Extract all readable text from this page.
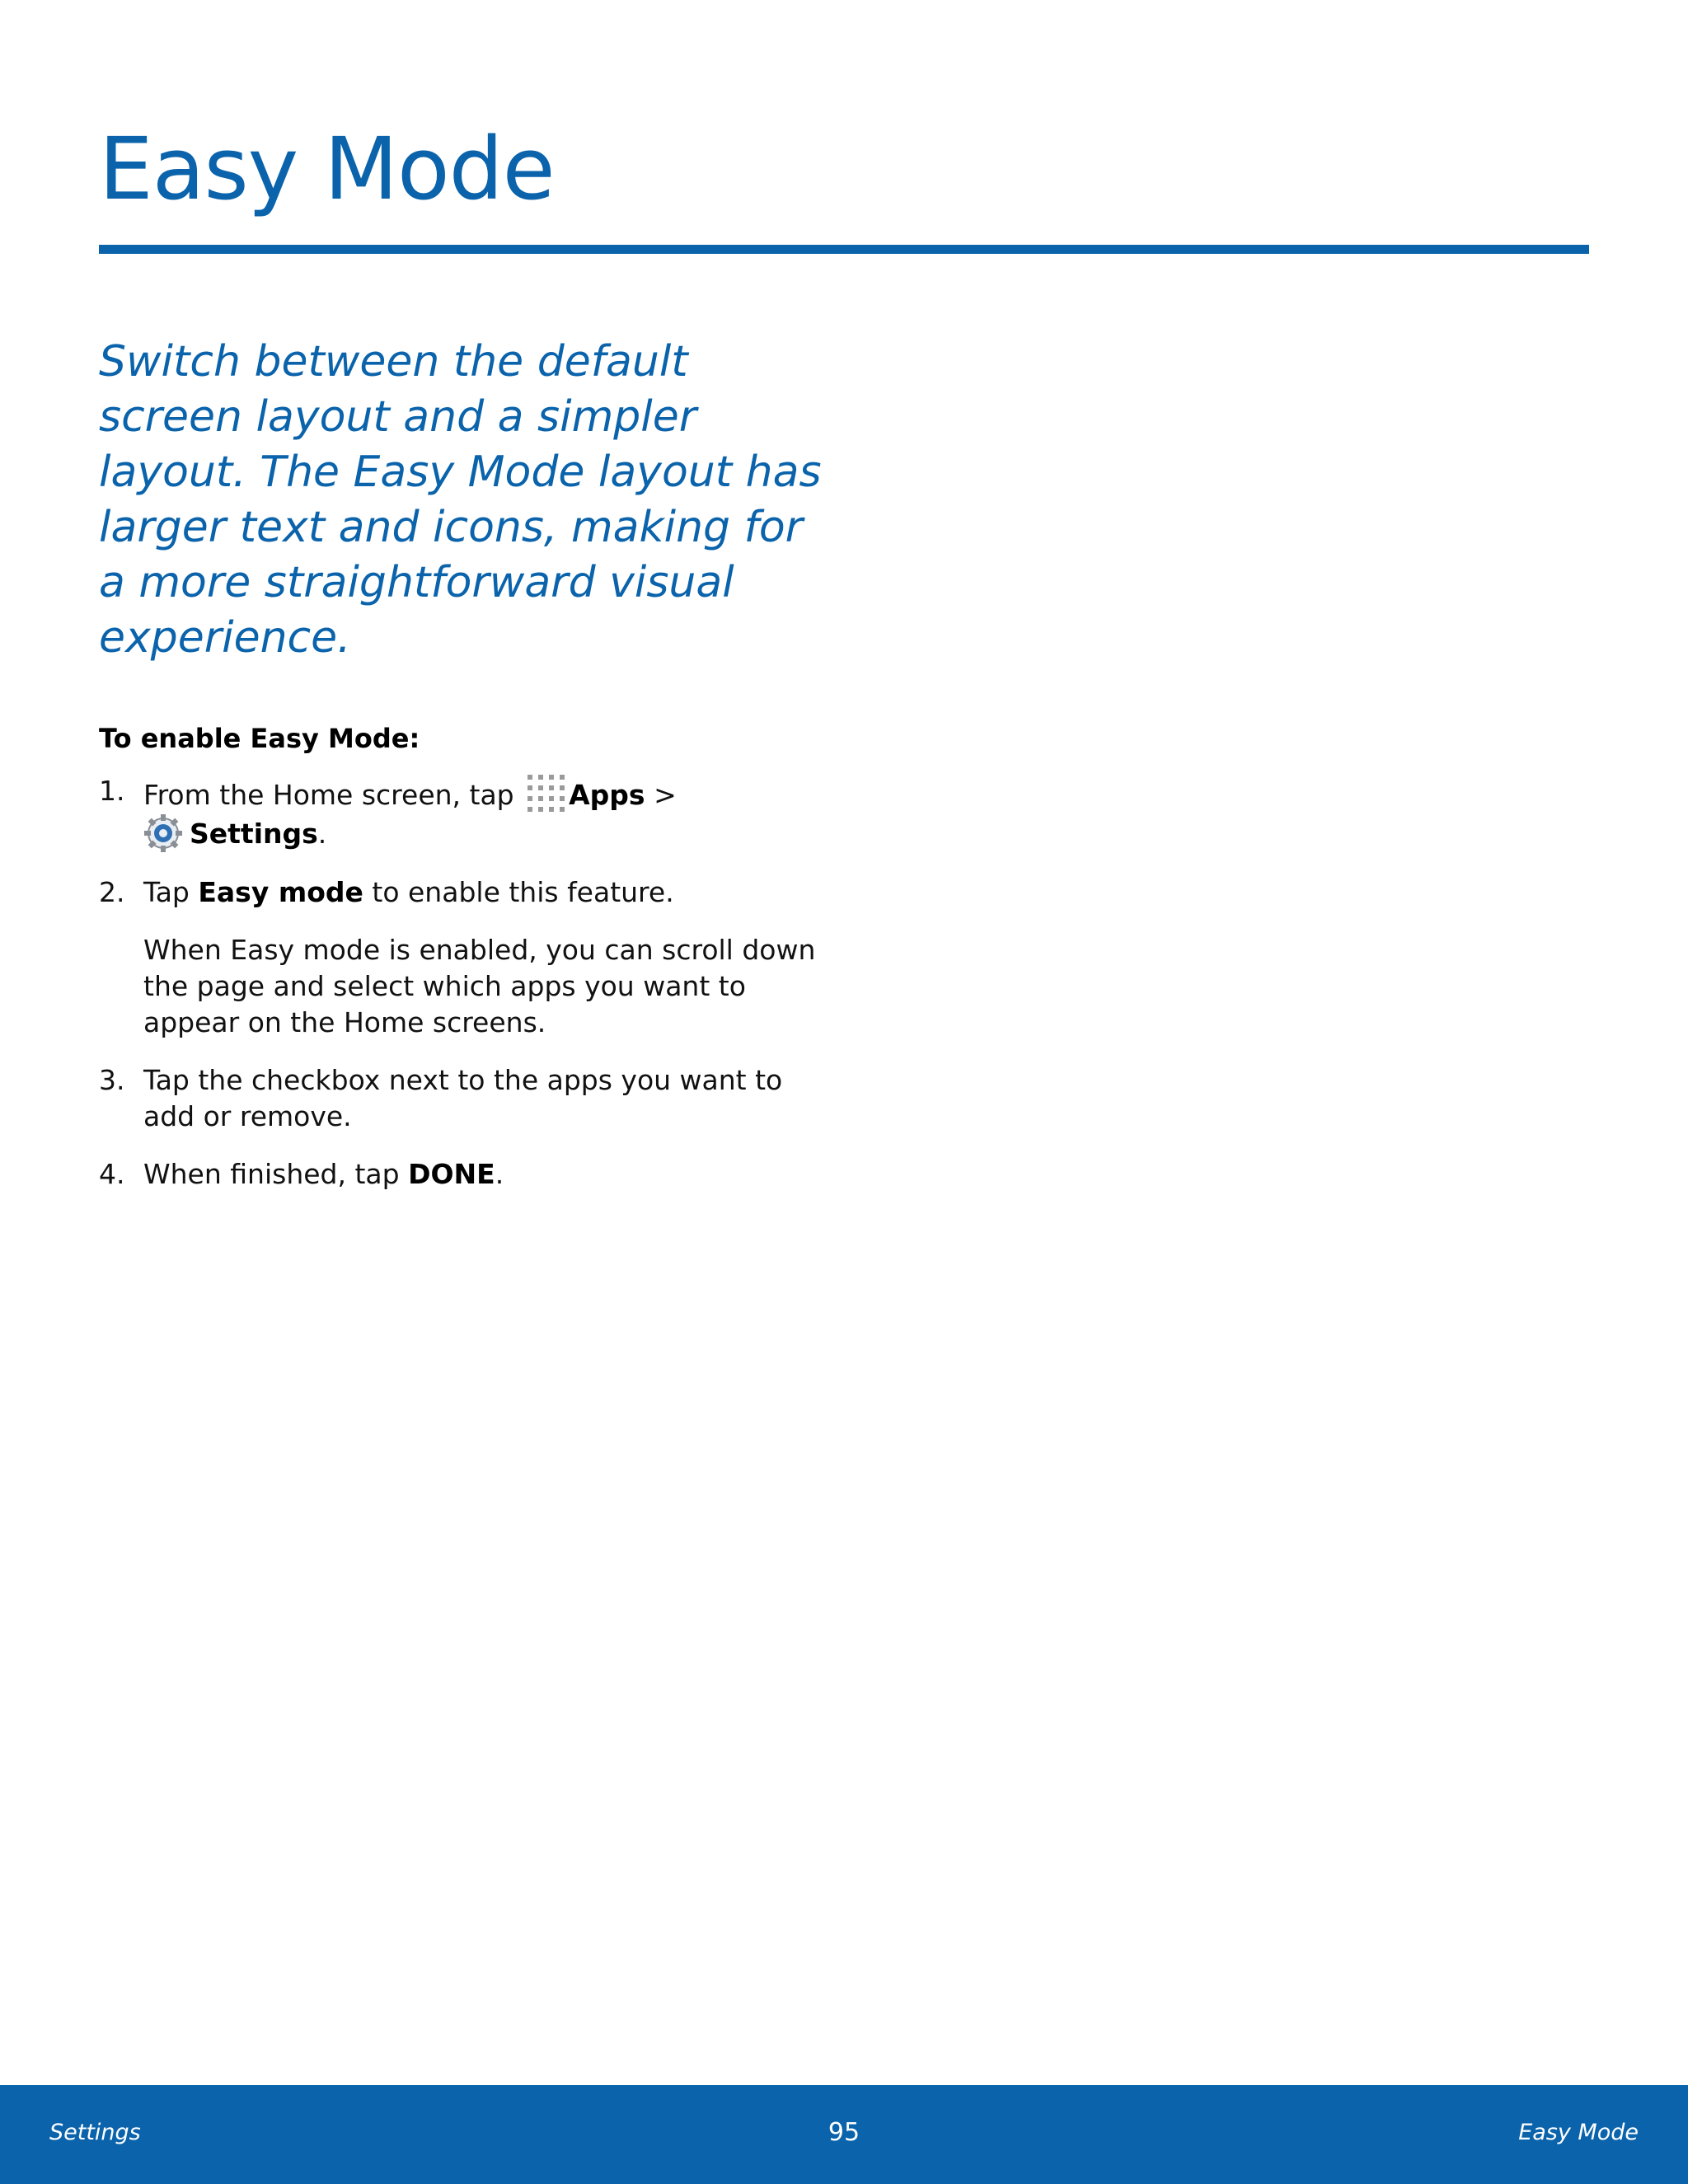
Easy Mode

Switch between the default screen layout and a simpler layout. The Easy Mode layout has larger text and icons, making for a more straightforward visual experience.

To enable Easy Mode:
1. From the Home screen, tap Apps >
Settings.
2. Tap Easy mode to enable this feature.
When Easy mode is enabled, you can scroll down the page and select which apps you want to appear on the Home screens.
3. Tap the checkbox next to the apps you want to add or remove.
4. When finished, tap DONE.
Settings	95	Easy Mode
